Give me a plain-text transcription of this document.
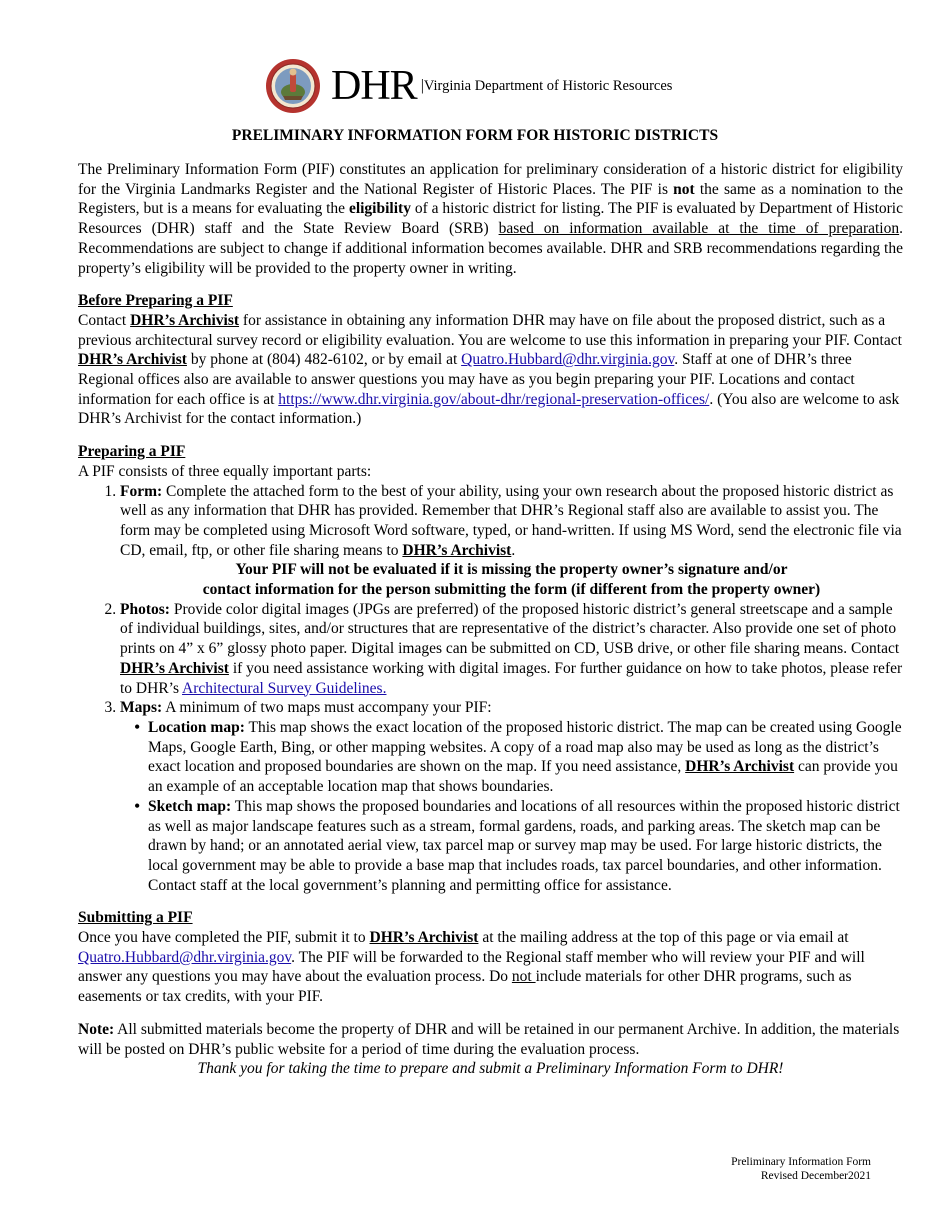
DHR | Virginia Department of Historic Resources
PRELIMINARY INFORMATION FORM FOR HISTORIC DISTRICTS

The Preliminary Information Form (PIF) constitutes an application for preliminary consideration of a historic district for eligibility for the Virginia Landmarks Register and the National Register of Historic Places. The PIF is not the same as a nomination to the Registers, but is a means for evaluating the eligibility of a historic district for listing. The PIF is evaluated by Department of Historic Resources (DHR) staff and the State Review Board (SRB) based on information available at the time of preparation. Recommendations are subject to change if additional information becomes available. DHR and SRB recommendations regarding the property’s eligibility will be provided to the property owner in writing.

Before Preparing a PIF

Contact DHR’s Archivist for assistance in obtaining any information DHR may have on file about the proposed district, such as a previous architectural survey record or eligibility evaluation. You are welcome to use this information in preparing your PIF. Contact DHR’s Archivist by phone at (804) 482-6102, or by email at Quatro.Hubbard@dhr.virginia.gov. Staff at one of DHR’s three Regional offices also are available to answer questions you may have as you begin preparing your PIF. Locations and contact information for each office is at https://www.dhr.virginia.gov/about-dhr/regional-preservation-offices/. (You also are welcome to ask DHR’s Archivist for the contact information.)

Preparing a PIF

A PIF consists of three equally important parts:

1. Form: Complete the attached form to the best of your ability, using your own research about the proposed historic district as well as any information that DHR has provided. Remember that DHR’s Regional staff also are available to assist you. The form may be completed using Microsoft Word software, typed, or hand-written. If using MS Word, send the electronic file via CD, email, ftp, or other file sharing means to DHR’s Archivist.

Your PIF will not be evaluated if it is missing the property owner’s signature and/or

contact information for the person submitting the form (if different from the property owner)

2. Photos: Provide color digital images (JPGs are preferred) of the proposed historic district’s general streetscape and a sample of individual buildings, sites, and/or structures that are representative of the district’s character. Also provide one set of photo prints on 4” x 6” glossy photo paper. Digital images can be submitted on CD, USB drive, or other file sharing means. Contact DHR’s Archivist if you need assistance working with digital images. For further guidance on how to take photos, please refer to DHR’s Architectural Survey Guidelines.
3. Maps: A minimum of two maps must accompany your PIF:
• Location map: This map shows the exact location of the proposed historic district. The map can be created using Google Maps, Google Earth, Bing, or other mapping websites. A copy of a road map also may be used as long as the district’s exact location and proposed boundaries are shown on the map. If you need assistance, DHR’s Archivist can provide you an example of an acceptable location map that shows boundaries.
• Sketch map: This map shows the proposed boundaries and locations of all resources within the proposed historic district as well as major landscape features such as a stream, formal gardens, roads, and parking areas. The sketch map can be drawn by hand; or an annotated aerial view, tax parcel map or survey map may be used. For large historic districts, the local government may be able to provide a base map that includes roads, tax parcel boundaries, and other information. Contact staff at the local government’s planning and permitting office for assistance.

Submitting a PIF

Once you have completed the PIF, submit it to DHR’s Archivist at the mailing address at the top of this page or via email at Quatro.Hubbard@dhr.virginia.gov. The PIF will be forwarded to the Regional staff member who will review your PIF and will answer any questions you may have about the evaluation process. Do not include materials for other DHR programs, such as easements or tax credits, with your PIF.

Note: All submitted materials become the property of DHR and will be retained in our permanent Archive. In addition, the materials will be posted on DHR’s public website for a period of time during the evaluation process.

Thank you for taking the time to prepare and submit a Preliminary Information Form to DHR!

Preliminary Information Form
Revised December2021
